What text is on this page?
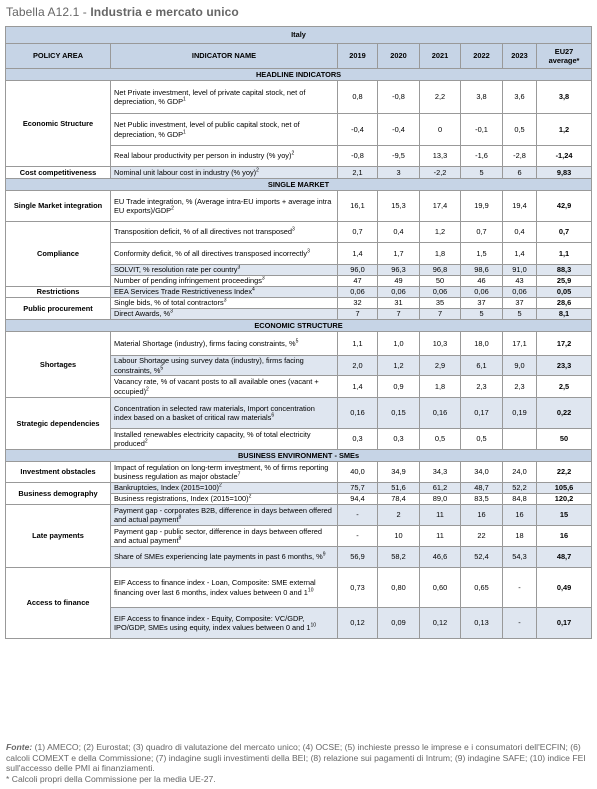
Tabella A12.1 - Industria e mercato unico
Italy							
POLICY AREA	INDICATOR NAME	2019	2020	2021	2022	2023	EU27
average*
HEADLINE INDICATORS							
Economic Structure	Net Private investment, level of private capital stock, net of depreciation, % GDP$^1$	0,8	-0,8	2,2	3,8	3,6	3,8
	Net Public investment, level of public capital stock, net of depreciation, % GDP$^1$	-0,4	-0,4	0	-0,1	0,5	1,2
	Real labour productivity per person in industry (% yoy)$^2$	-0,8	-9,5	13,3	-1,6	-2,8	-1,24
Cost competitiveness	Nominal unit labour cost in industry (% yoy)$^2$	2,1	3	-2,2	5	6	9,83
SINGLE MARKET							
Single Market integration	EU Trade integration, % (Average intra-EU imports + average intra EU exports)/GDP$^2$	16,1	15,3	17,4	19,9	19,4	42,9
Compliance	Transposition deficit, % of all directives not transposed$^3$	0,7	0,4	1,2	0,7	0,4	0,7
	Conformity deficit, % of all directives transposed incorrectly$^3$	1,4	1,7	1,8	1,5	1,4	1,1
	SOLVIT, % resolution rate per country$^3$	96,0	96,3	96,8	98,6	91,0	88,3
	Number of pending infringement proceedings$^3$	47	49	50	46	43	25,9
Restrictions	EEA Services Trade Restrictiveness Index$^4$	0,06	0,06	0,06	0,06	0,06	0,05
Public procurement	Single bids, % of total contractors$^3$	32	31	35	37	37	28,6
	Direct Awards, %$^3$	7	7	7	5	5	8,1
ECONOMIC STRUCTURE							
Shortages	Material Shortage (industry), firms facing constraints, %$^5$	1,1	1,0	10,3	18,0	17,1	17,2
	Labour Shortage using survey data (industry), firms facing constraints, %$^5$	2,0	1,2	2,9	6,1	9,0	23,3
	Vacancy rate, % of vacant posts to all available ones (vacant + occupied)$^2$	1,4	0,9	1,8	2,3	2,3	2,5
Strategic dependencies	Concentration in selected raw materials, Import concentration index based on a basket of critical raw materials$^6$	0,16	0,15	0,16	0,17	0,19	0,22
	Installed renewables electricity capacity, % of total electricity produced$^2$	0,3	0,3	0,5	0,5		50
BUSINESS ENVIRONMENT - SMEs							
Investment obstacles	Impact of regulation on long-term investment, % of firms reporting business regulation as major obstacle$^7$	40,0	34,9	34,3	34,0	24,0	22,2
Business demography	Bankruptcies, Index (2015=100)$^2$	75,7	51,6	61,2	48,7	52,2	105,6
	Business registrations, Index (2015=100)$^2$	94,4	78,4	89,0	83,5	84,8	120,2
Late payments	Payment gap - corporates B2B, difference in days between offered and actual payment$^8$	-	2	11	16	16	15
	Payment gap - public sector, difference in days between offered and actual payment$^8$	-	10	11	22	18	16
	Share of SMEs experiencing late payments in past 6 months, %$^9$	56,9	58,2	46,6	52,4	54,3	48,7
Access to finance	EIF Access to finance index - Loan, Composite: SME external financing over last 6 months, index values between 0 and $1^{10}$	0,73	0,80	0,60	0,65	-	0,49
	EIF Access to finance index - Equity, Composite: VC/GDP, IPO/GDP, SMEs using equity, index values between 0 and $1^{10}$	0,12	0,09	0,12	0,13	-	0,17
Fonte: (1) AMECO; (2) Eurostat; (3) quadro di valutazione del mercato unico; (4) OCSE; (5) inchieste presso le imprese e i consumatori dell'ECFIN; (6) calcoli COMEXT e della Commissione; (7) indagine sugli investimenti della BEI; (8) relazione sui pagamenti di Intrum; (9) indagine SAFE; (10) indice FEI sull'accesso delle PMI ai finanziamenti.
* Calcoli propri della Commissione per la media UE-27.
